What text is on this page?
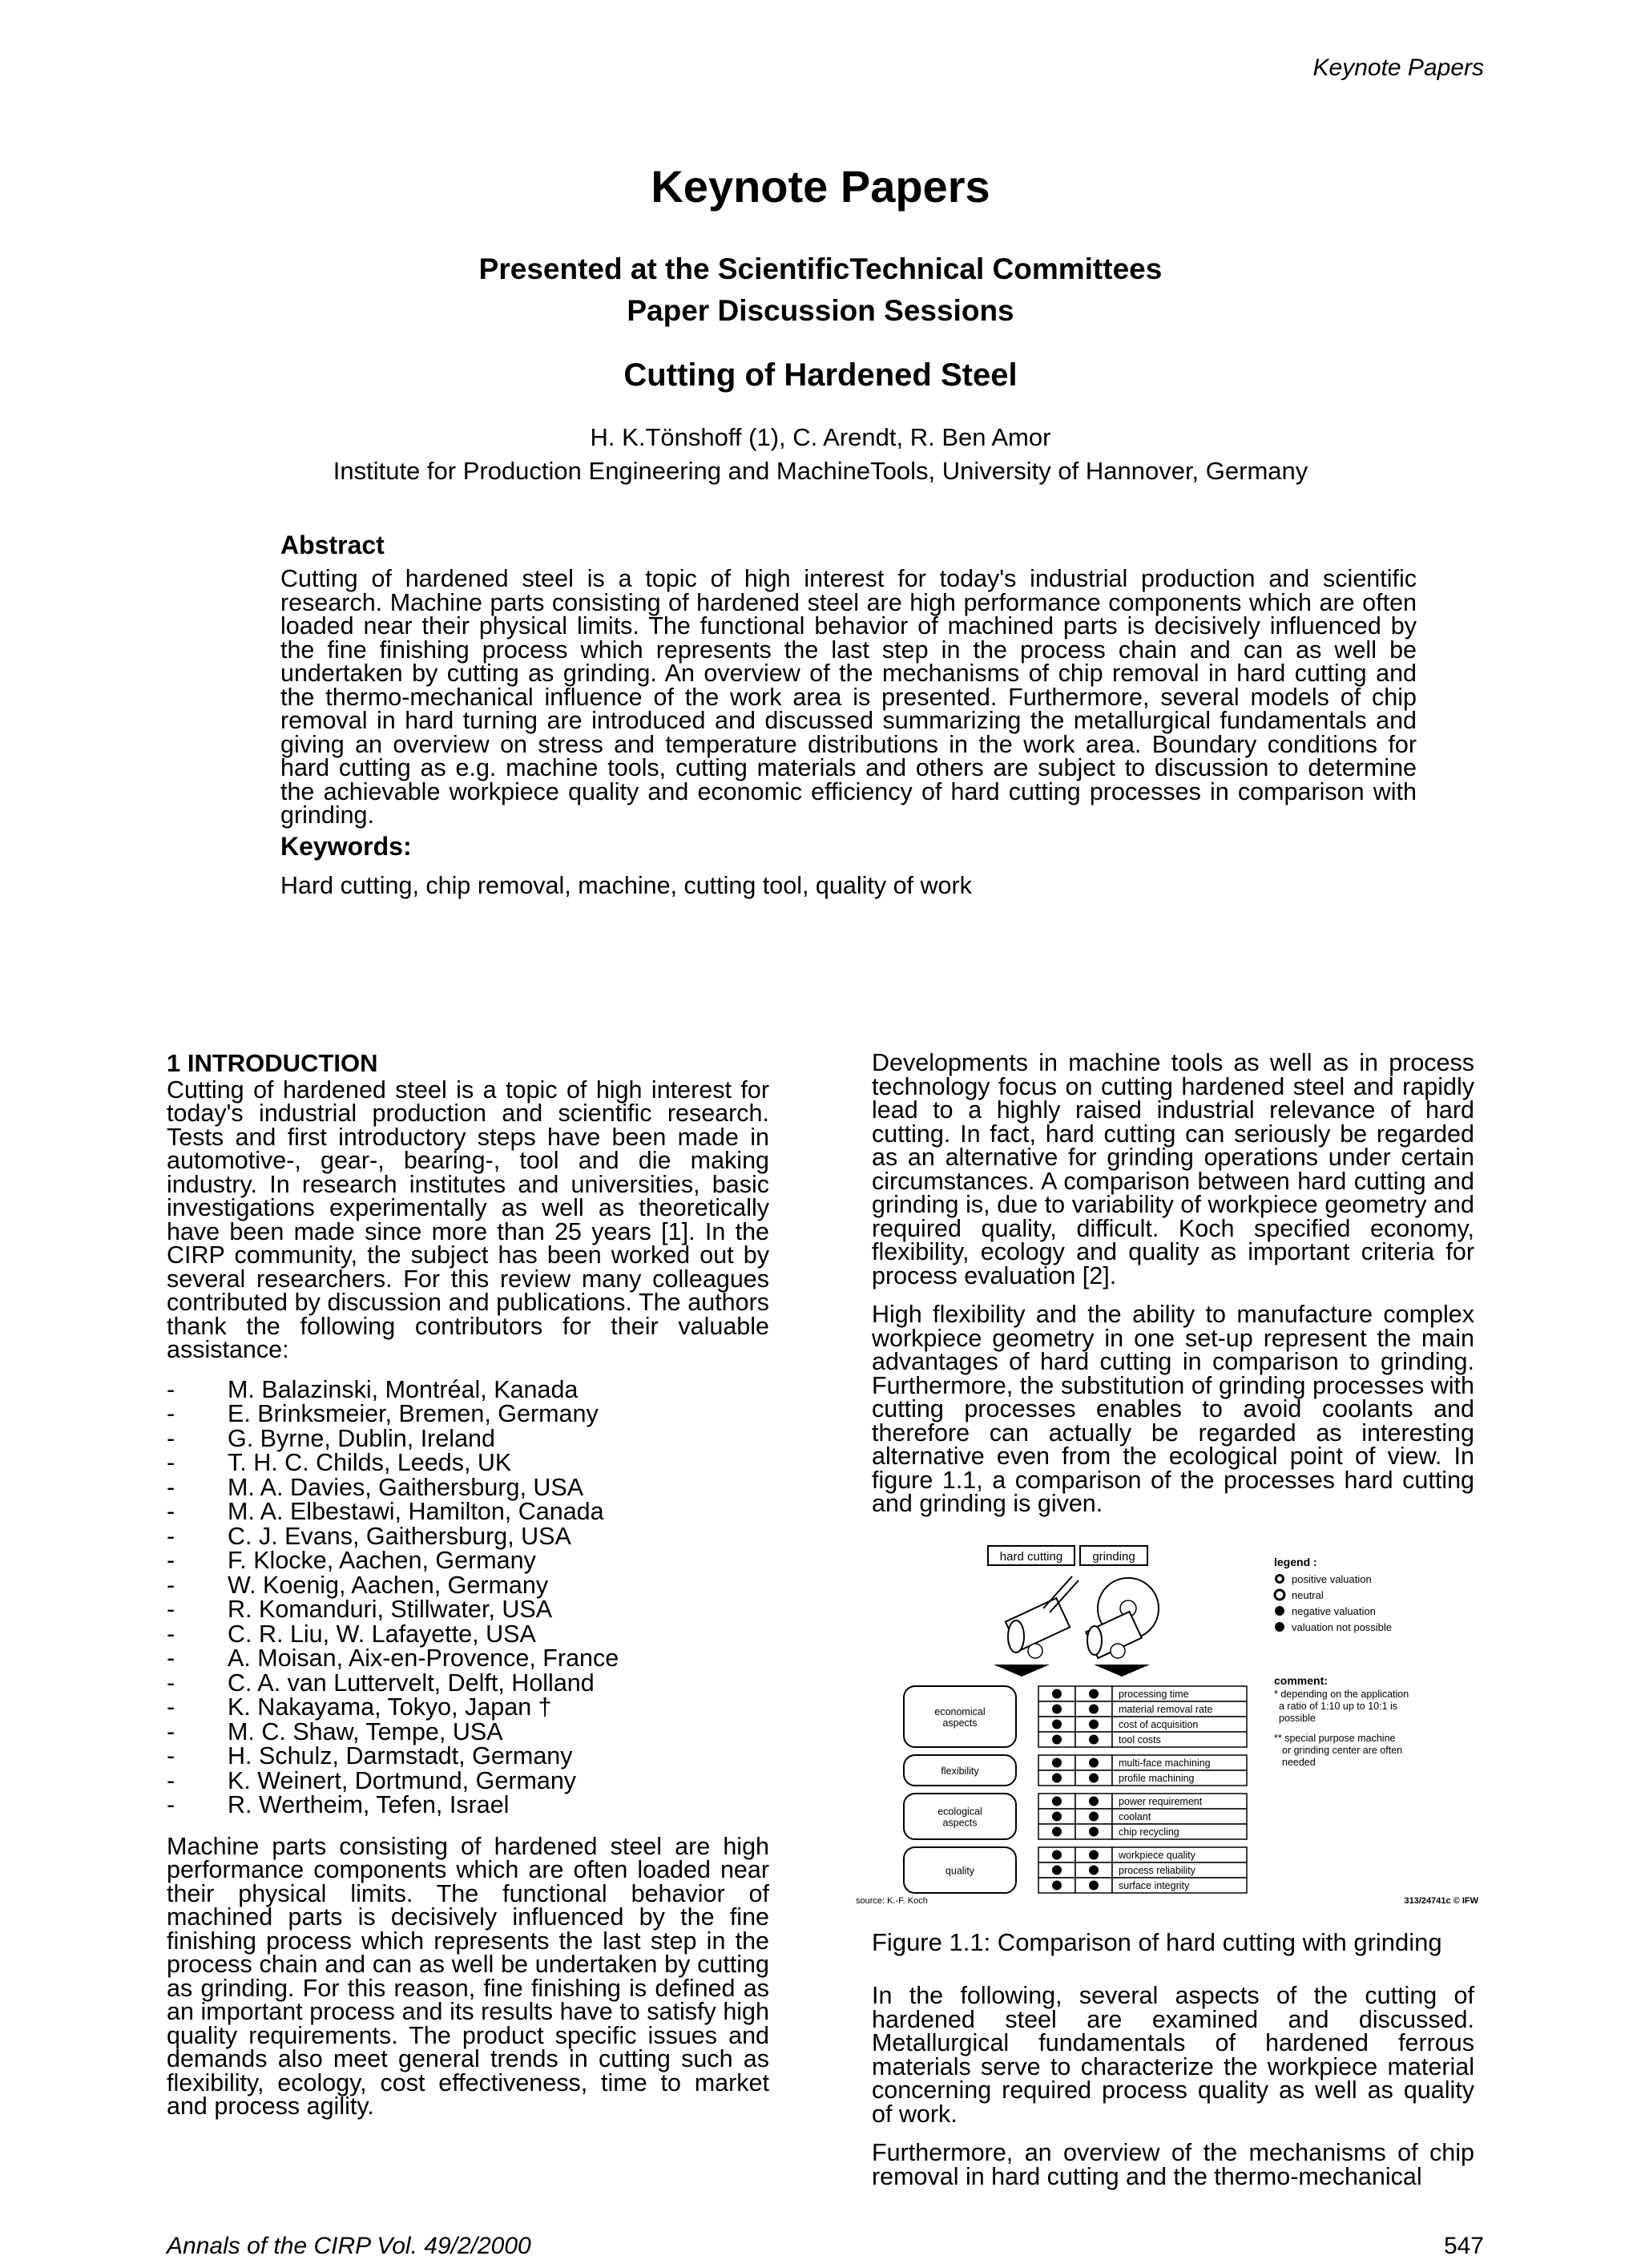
Keynote Papers
Keynote Papers
Presented at the ScientificTechnical Committees
Paper Discussion Sessions
Cutting of Hardened Steel
H. K.Tönshoff (1), C. Arendt, R. Ben Amor
Institute for Production Engineering and MachineTools, University of Hannover, Germany
Abstract
Cutting of hardened steel is a topic of high interest for today's industrial production and scientific research. Machine parts consisting of hardened steel are high performance components which are often loaded near their physical limits. The functional behavior of machined parts is decisively influenced by the fine finishing process which represents the last step in the process chain and can as well be undertaken by cutting as grinding. An overview of the mechanisms of chip removal in hard cutting and the thermo-mechanical influence of the work area is presented. Furthermore, several models of chip removal in hard turning are introduced and discussed summarizing the metallurgical fundamentals and giving an overview on stress and temperature distributions in the work area. Boundary conditions for hard cutting as e.g. machine tools, cutting materials and others are subject to discussion to determine the achievable workpiece quality and economic efficiency of hard cutting processes in comparison with grinding.
Keywords:
Hard cutting, chip removal, machine, cutting tool, quality of work
1 INTRODUCTION

Cutting of hardened steel is a topic of high interest for today's industrial production and scientific research. Tests and first introductory steps have been made in automotive-, gear-, bearing-, tool and die making industry. In research institutes and universities, basic investigations experimentally as well as theoretically have been made since more than 25 years [1]. In the CIRP community, the subject has been worked out by several researchers. For this review many colleagues contributed by discussion and publications. The authors thank the following contributors for their valuable assistance:

- M. Balazinski, Montréal, Kanada
- E. Brinksmeier, Bremen, Germany
- G. Byrne, Dublin, Ireland
- T. H. C. Childs, Leeds, UK
- M. A. Davies, Gaithersburg, USA
- M. A. Elbestawi, Hamilton, Canada
- C. J. Evans, Gaithersburg, USA
- F. Klocke, Aachen, Germany
- W. Koenig, Aachen, Germany
- R. Komanduri, Stillwater, USA
- C. R. Liu, W. Lafayette, USA
- A. Moisan, Aix-en-Provence, France
- C. A. van Luttervelt, Delft, Holland
- K. Nakayama, Tokyo, Japan †
- M. C. Shaw, Tempe, USA
- H. Schulz, Darmstadt, Germany
- K. Weinert, Dortmund, Germany
- R. Wertheim, Tefen, Israel

Machine parts consisting of hardened steel are high performance components which are often loaded near their physical limits. The functional behavior of machined parts is decisively influenced by the fine finishing process which represents the last step in the process chain and can as well be undertaken by cutting as grinding. For this reason, fine finishing is defined as an important process and its results have to satisfy high quality requirements. The product specific issues and demands also meet general trends in cutting such as flexibility, ecology, cost effectiveness, time to market and process agility.

Developments in machine tools as well as in process technology focus on cutting hardened steel and rapidly lead to a highly raised industrial relevance of hard cutting. In fact, hard cutting can seriously be regarded as an alternative for grinding operations under certain circumstances. A comparison between hard cutting and grinding is, due to variability of workpiece geometry and required quality, difficult. Koch specified economy, flexibility, ecology and quality as important criteria for process evaluation [2].

High flexibility and the ability to manufacture complex workpiece geometry in one set-up represent the main advantages of hard cutting in comparison to grinding. Furthermore, the substitution of grinding processes with cutting processes enables to avoid coolants and therefore can actually be regarded as interesting alternative even from the ecological point of view. In figure 1.1, a comparison of the processes hard cutting and grinding is given.

hard cutting grinding	legend :
positive valuation
neutral
negative valuation
valuation not possible
comment:
* depending on the application
a ratio of 1:10 up to 10:1 is
possible
** special purpose machine
or grinding center are often
needed
economical
aspects
processing time
material removal rate
cost of acquisition
tool costs
flexibility
multi-face machining
profile machining
ecological
aspects
power requirement
coolant
chip recycling
quality
workpiece quality
process reliability
surface integrity
source: K.-F. Koch	313/24741c © IFW
Figure 1.1: Comparison of hard cutting with grinding

In the following, several aspects of the cutting of hardened steel are examined and discussed. Metallurgical fundamentals of hardened ferrous materials serve to characterize the workpiece material concerning required process quality as well as quality of work.

Furthermore, an overview of the mechanisms of chip removal in hard cutting and the thermo-mechanical

Annals of the CIRP Vol. 49/2/2000	547
